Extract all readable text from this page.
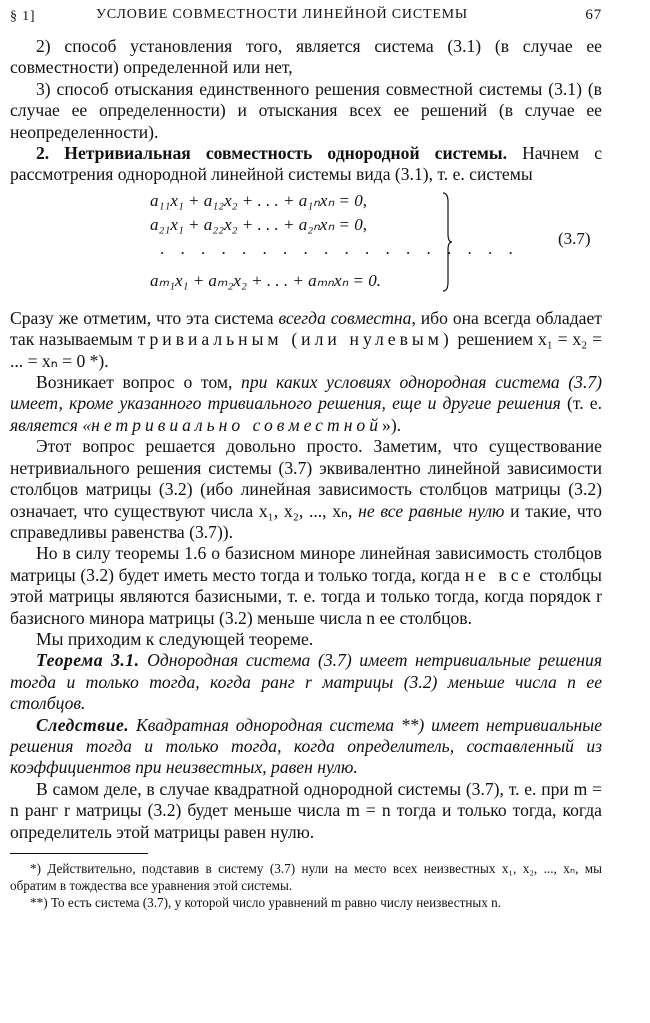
§ 1]	УСЛОВИЕ СОВМЕСТНОСТИ ЛИНЕЙНОЙ СИСТЕМЫ	67

2) способ установления того, является система (3.1) (в случае ее совместности) определенной или нет,

3) способ отыскания единственного решения совместной системы (3.1) (в случае ее определенности) и отыскания всех ее решений (в случае ее неопределенности).

2. Нетривиальная совместность однородной системы. Начнем с рассмотрения однородной линейной системы вида (3.1), т. е. системы

a₁₁x₁ + a₁₂x₂ + . . . + a₁ₙxₙ = 0,
a₂₁x₁ + a₂₂x₂ + . . . + a₂ₙxₙ = 0,
. . . . . . . . . . . . . . . . . .
aₘ₁x₁ + aₘ₂x₂ + . . . + aₘₙxₙ = 0.
(3.7)

Сразу же отметим, что эта система всегда совместна, ибо она всегда обладает так называемым тривиальным (или нулевым) решением x₁ = x₂ = ... = xₙ = 0 *).

Возникает вопрос о том, при каких условиях однородная система (3.7) имеет, кроме указанного тривиального решения, еще и другие решения (т. е. является «нетривиально совместной»).

Этот вопрос решается довольно просто. Заметим, что существование нетривиального решения системы (3.7) эквивалентно линейной зависимости столбцов матрицы (3.2) (ибо линейная зависимость столбцов матрицы (3.2) означает, что существуют числа x₁, x₂, ..., xₙ, не все равные нулю и такие, что справедливы равенства (3.7)).

Но в силу теоремы 1.6 о базисном миноре линейная зависимость столбцов матрицы (3.2) будет иметь место тогда и только тогда, когда не все столбцы этой матрицы являются базисными, т. е. тогда и только тогда, когда порядок r базисного минора матрицы (3.2) меньше числа n ее столбцов.

Мы приходим к следующей теореме.

Теорема 3.1. Однородная система (3.7) имеет нетривиальные решения тогда и только тогда, когда ранг r матрицы (3.2) меньше числа n ее столбцов.

Следствие. Квадратная однородная система **) имеет нетривиальные решения тогда и только тогда, когда определитель, составленный из коэффициентов при неизвестных, равен нулю.

В самом деле, в случае квадратной однородной системы (3.7), т. е. при m = n ранг r матрицы (3.2) будет меньше числа m = n тогда и только тогда, когда определитель этой матрицы равен нулю.

*) Действительно, подставив в систему (3.7) нули на место всех неизвестных x₁, x₂, ..., xₙ, мы обратим в тождества все уравнения этой системы.

**) То есть система (3.7), у которой число уравнений m равно числу неизвестных n.
